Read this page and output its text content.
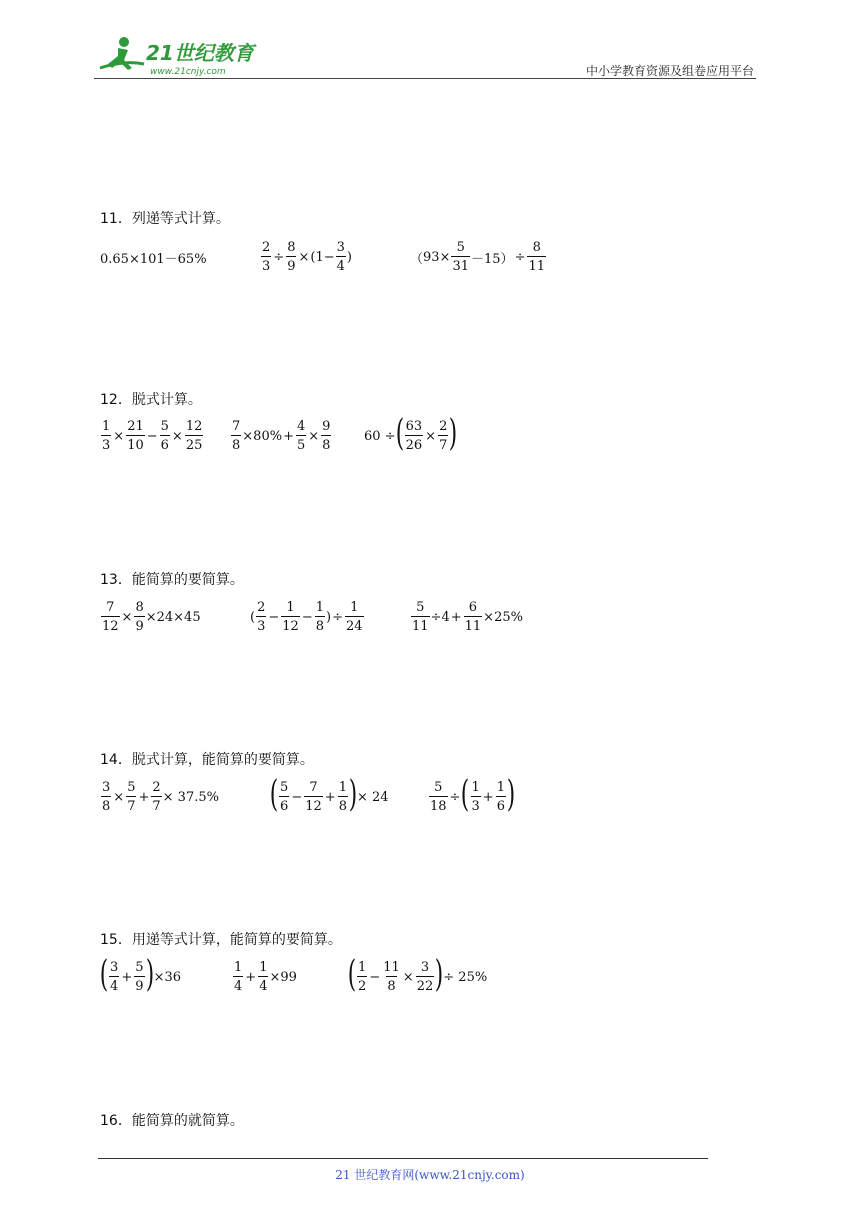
21世纪教育
www.21cnjy.com	中小学教育资源及组卷应用平台
11．列递等式计算。
0.65×101－65%	$\frac{2}{3} \div \frac{8}{9} \times (1- \frac{3}{4}$ )	（ $93\times \frac{5}{31} -15$ ） ÷ $\frac{8}{11}$
12．脱式计算。
$\frac{1}{3} \times \frac{21}{10} - \frac{5}{6} \times \frac{12}{25} \frac{7}{8} \times 80\% + \frac{4}{5} \times \frac{9}{8}$	60 ÷ ( $\frac{63}{26} \times \frac{2}{7}$ )
13．能简算的要简算。
$\frac{7}{12} \times \frac{8}{9} \times 24\times 45$	( $\frac{2}{3} - \frac{1}{12} - \frac{1}{8}$ ) ÷ $\frac{1}{24}$	$\frac{5}{11} \div 4 + \frac{6}{11} \times 25\%$
14．脱式计算，能简算的要简算。
$\frac{3}{8} \times \frac{5}{7} + \frac{2}{7} \times 37.5\%$ ( $\frac{5}{6} - \frac{7}{12} + \frac{1}{8}$ ) × 24	$\frac{5}{18}$ ÷ ( $\frac{1}{3} + \frac{1}{6}$ )
15．用递等式计算，能简算的要简算。
( $\frac{3}{4} + \frac{5}{9}$ ) ×36	$\frac{1}{4} + \frac{1}{4} \times 99$ ( $\frac{1}{2} - \frac{11}{8} \times \frac{3}{22}$ ) ÷ 25%
16．能简算的就简算。
21 世纪教育网(www.21cnjy.com)
